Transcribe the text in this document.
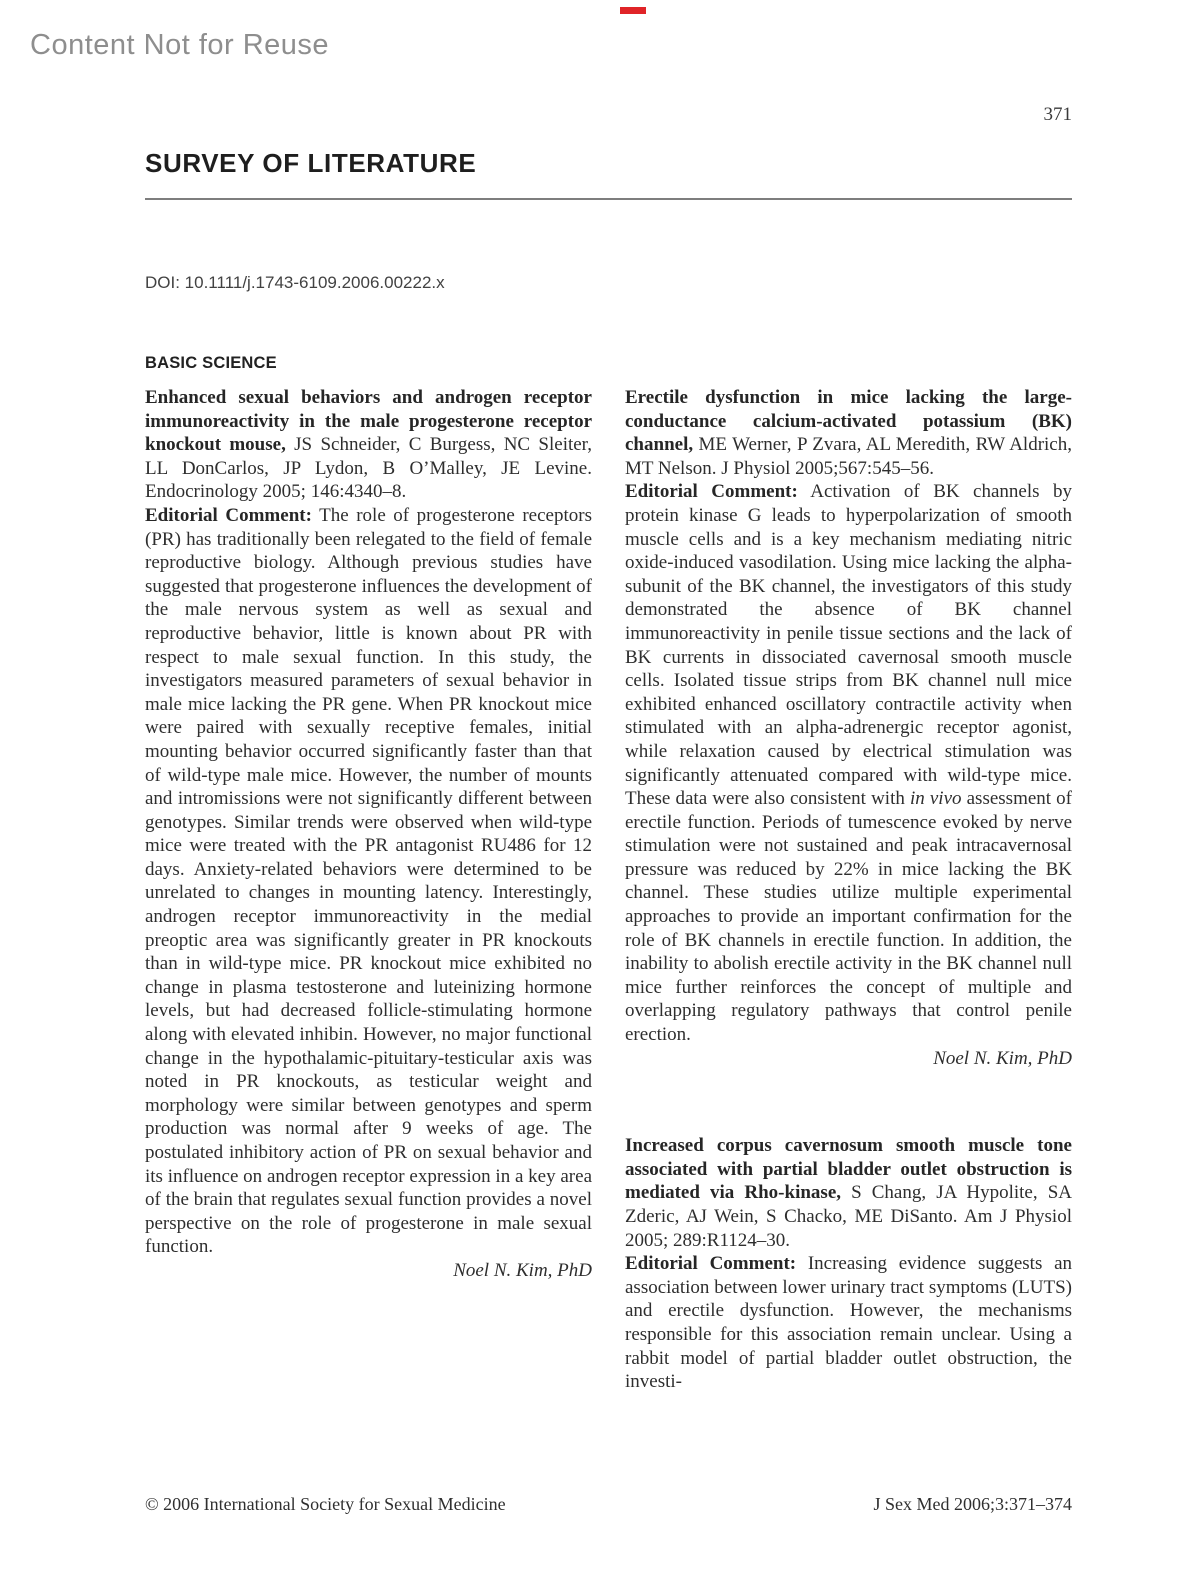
Content Not for Reuse
371
SURVEY OF LITERATURE
DOI: 10.1111/j.1743-6109.2006.00222.x
BASIC SCIENCE

Enhanced sexual behaviors and androgen receptor immunoreactivity in the male progesterone receptor knockout mouse, JS Schneider, C Burgess, NC Sleiter, LL DonCarlos, JP Lydon, B O’Malley, JE Levine. Endocrinology 2005; 146:4340–8.

Editorial Comment: The role of progesterone receptors (PR) has traditionally been relegated to the field of female reproductive biology. Although previous studies have suggested that progesterone influences the development of the male nervous system as well as sexual and reproductive behavior, little is known about PR with respect to male sexual function. In this study, the investigators measured parameters of sexual behavior in male mice lacking the PR gene. When PR knockout mice were paired with sexually receptive females, initial mounting behavior occurred significantly faster than that of wild-type male mice. However, the number of mounts and intromissions were not significantly different between genotypes. Similar trends were observed when wild-type mice were treated with the PR antagonist RU486 for 12 days. Anxiety-related behaviors were determined to be unrelated to changes in mounting latency. Interestingly, androgen receptor immunoreactivity in the medial preoptic area was significantly greater in PR knockouts than in wild-type mice. PR knockout mice exhibited no change in plasma testosterone and luteinizing hormone levels, but had decreased follicle-stimulating hormone along with elevated inhibin. However, no major functional change in the hypothalamic-pituitary-testicular axis was noted in PR knockouts, as testicular weight and morphology were similar between genotypes and sperm production was normal after 9 weeks of age. The postulated inhibitory action of PR on sexual behavior and its influence on androgen receptor expression in a key area of the brain that regulates sexual function provides a novel perspective on the role of progesterone in male sexual function.

Noel N. Kim, PhD

Erectile dysfunction in mice lacking the large-conductance calcium-activated potassium (BK) channel, ME Werner, P Zvara, AL Meredith, RW Aldrich, MT Nelson. J Physiol 2005;567:545–56.

Editorial Comment: Activation of BK channels by protein kinase G leads to hyperpolarization of smooth muscle cells and is a key mechanism mediating nitric oxide-induced vasodilation. Using mice lacking the alpha-subunit of the BK channel, the investigators of this study demonstrated the absence of BK channel immunoreactivity in penile tissue sections and the lack of BK currents in dissociated cavernosal smooth muscle cells. Isolated tissue strips from BK channel null mice exhibited enhanced oscillatory contractile activity when stimulated with an alpha-adrenergic receptor agonist, while relaxation caused by electrical stimulation was significantly attenuated compared with wild-type mice. These data were also consistent with in vivo assessment of erectile function. Periods of tumescence evoked by nerve stimulation were not sustained and peak intracavernosal pressure was reduced by 22% in mice lacking the BK channel. These studies utilize multiple experimental approaches to provide an important confirmation for the role of BK channels in erectile function. In addition, the inability to abolish erectile activity in the BK channel null mice further reinforces the concept of multiple and overlapping regulatory pathways that control penile erection.

Noel N. Kim, PhD

Increased corpus cavernosum smooth muscle tone associated with partial bladder outlet obstruction is mediated via Rho-kinase, S Chang, JA Hypolite, SA Zderic, AJ Wein, S Chacko, ME DiSanto. Am J Physiol 2005; 289:R1124–30.

Editorial Comment: Increasing evidence suggests an association between lower urinary tract symptoms (LUTS) and erectile dysfunction. However, the mechanisms responsible for this association remain unclear. Using a rabbit model of partial bladder outlet obstruction, the investi-

© 2006 International Society for Sexual Medicine	J Sex Med 2006;3:371–374
